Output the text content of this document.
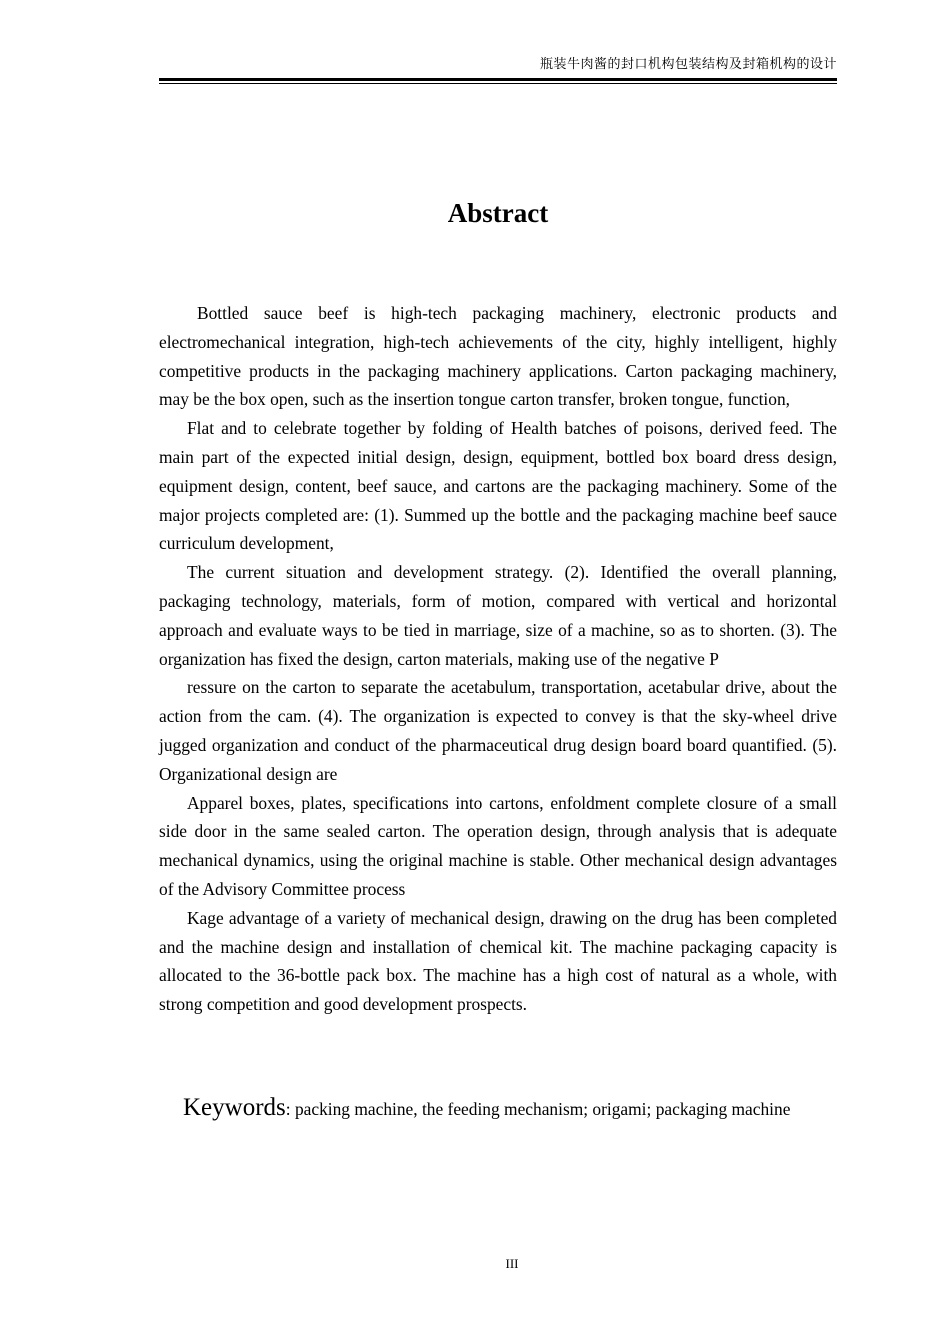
瓶装牛肉酱的封口机构包装结构及封箱机构的设计
Abstract

Bottled sauce beef is high-tech packaging machinery, electronic products and electromechanical integration, high-tech achievements of the city, highly intelligent, highly competitive products in the packaging machinery applications. Carton packaging machinery, may be the box open, such as the insertion tongue carton transfer, broken tongue, function,

Flat and to celebrate together by folding of Health batches of poisons, derived feed. The main part of the expected initial design, design, equipment, bottled box board dress design, equipment design, content, beef sauce, and cartons are the packaging machinery. Some of the major projects completed are: (1). Summed up the bottle and the packaging machine beef sauce curriculum development,

The current situation and development strategy. (2). Identified the overall planning, packaging technology, materials, form of motion, compared with vertical and horizontal approach and evaluate ways to be tied in marriage, size of a machine, so as to shorten. (3). The organization has fixed the design, carton materials, making use of the negative P

ressure on the carton to separate the acetabulum, transportation, acetabular drive, about the action from the cam. (4). The organization is expected to convey is that the sky-wheel drive jugged organization and conduct of the pharmaceutical drug design board board quantified. (5). Organizational design are

Apparel boxes, plates, specifications into cartons, enfoldment complete closure of a small side door in the same sealed carton. The operation design, through analysis that is adequate mechanical dynamics, using the original machine is stable. Other mechanical design advantages of the Advisory Committee process

Kage advantage of a variety of mechanical design, drawing on the drug has been completed and the machine design and installation of chemical kit. The machine packaging capacity is allocated to the 36-bottle pack box. The machine has a high cost of natural as a whole, with strong competition and good development prospects.

Keywords: packing machine, the feeding mechanism; origami; packaging machine
III
